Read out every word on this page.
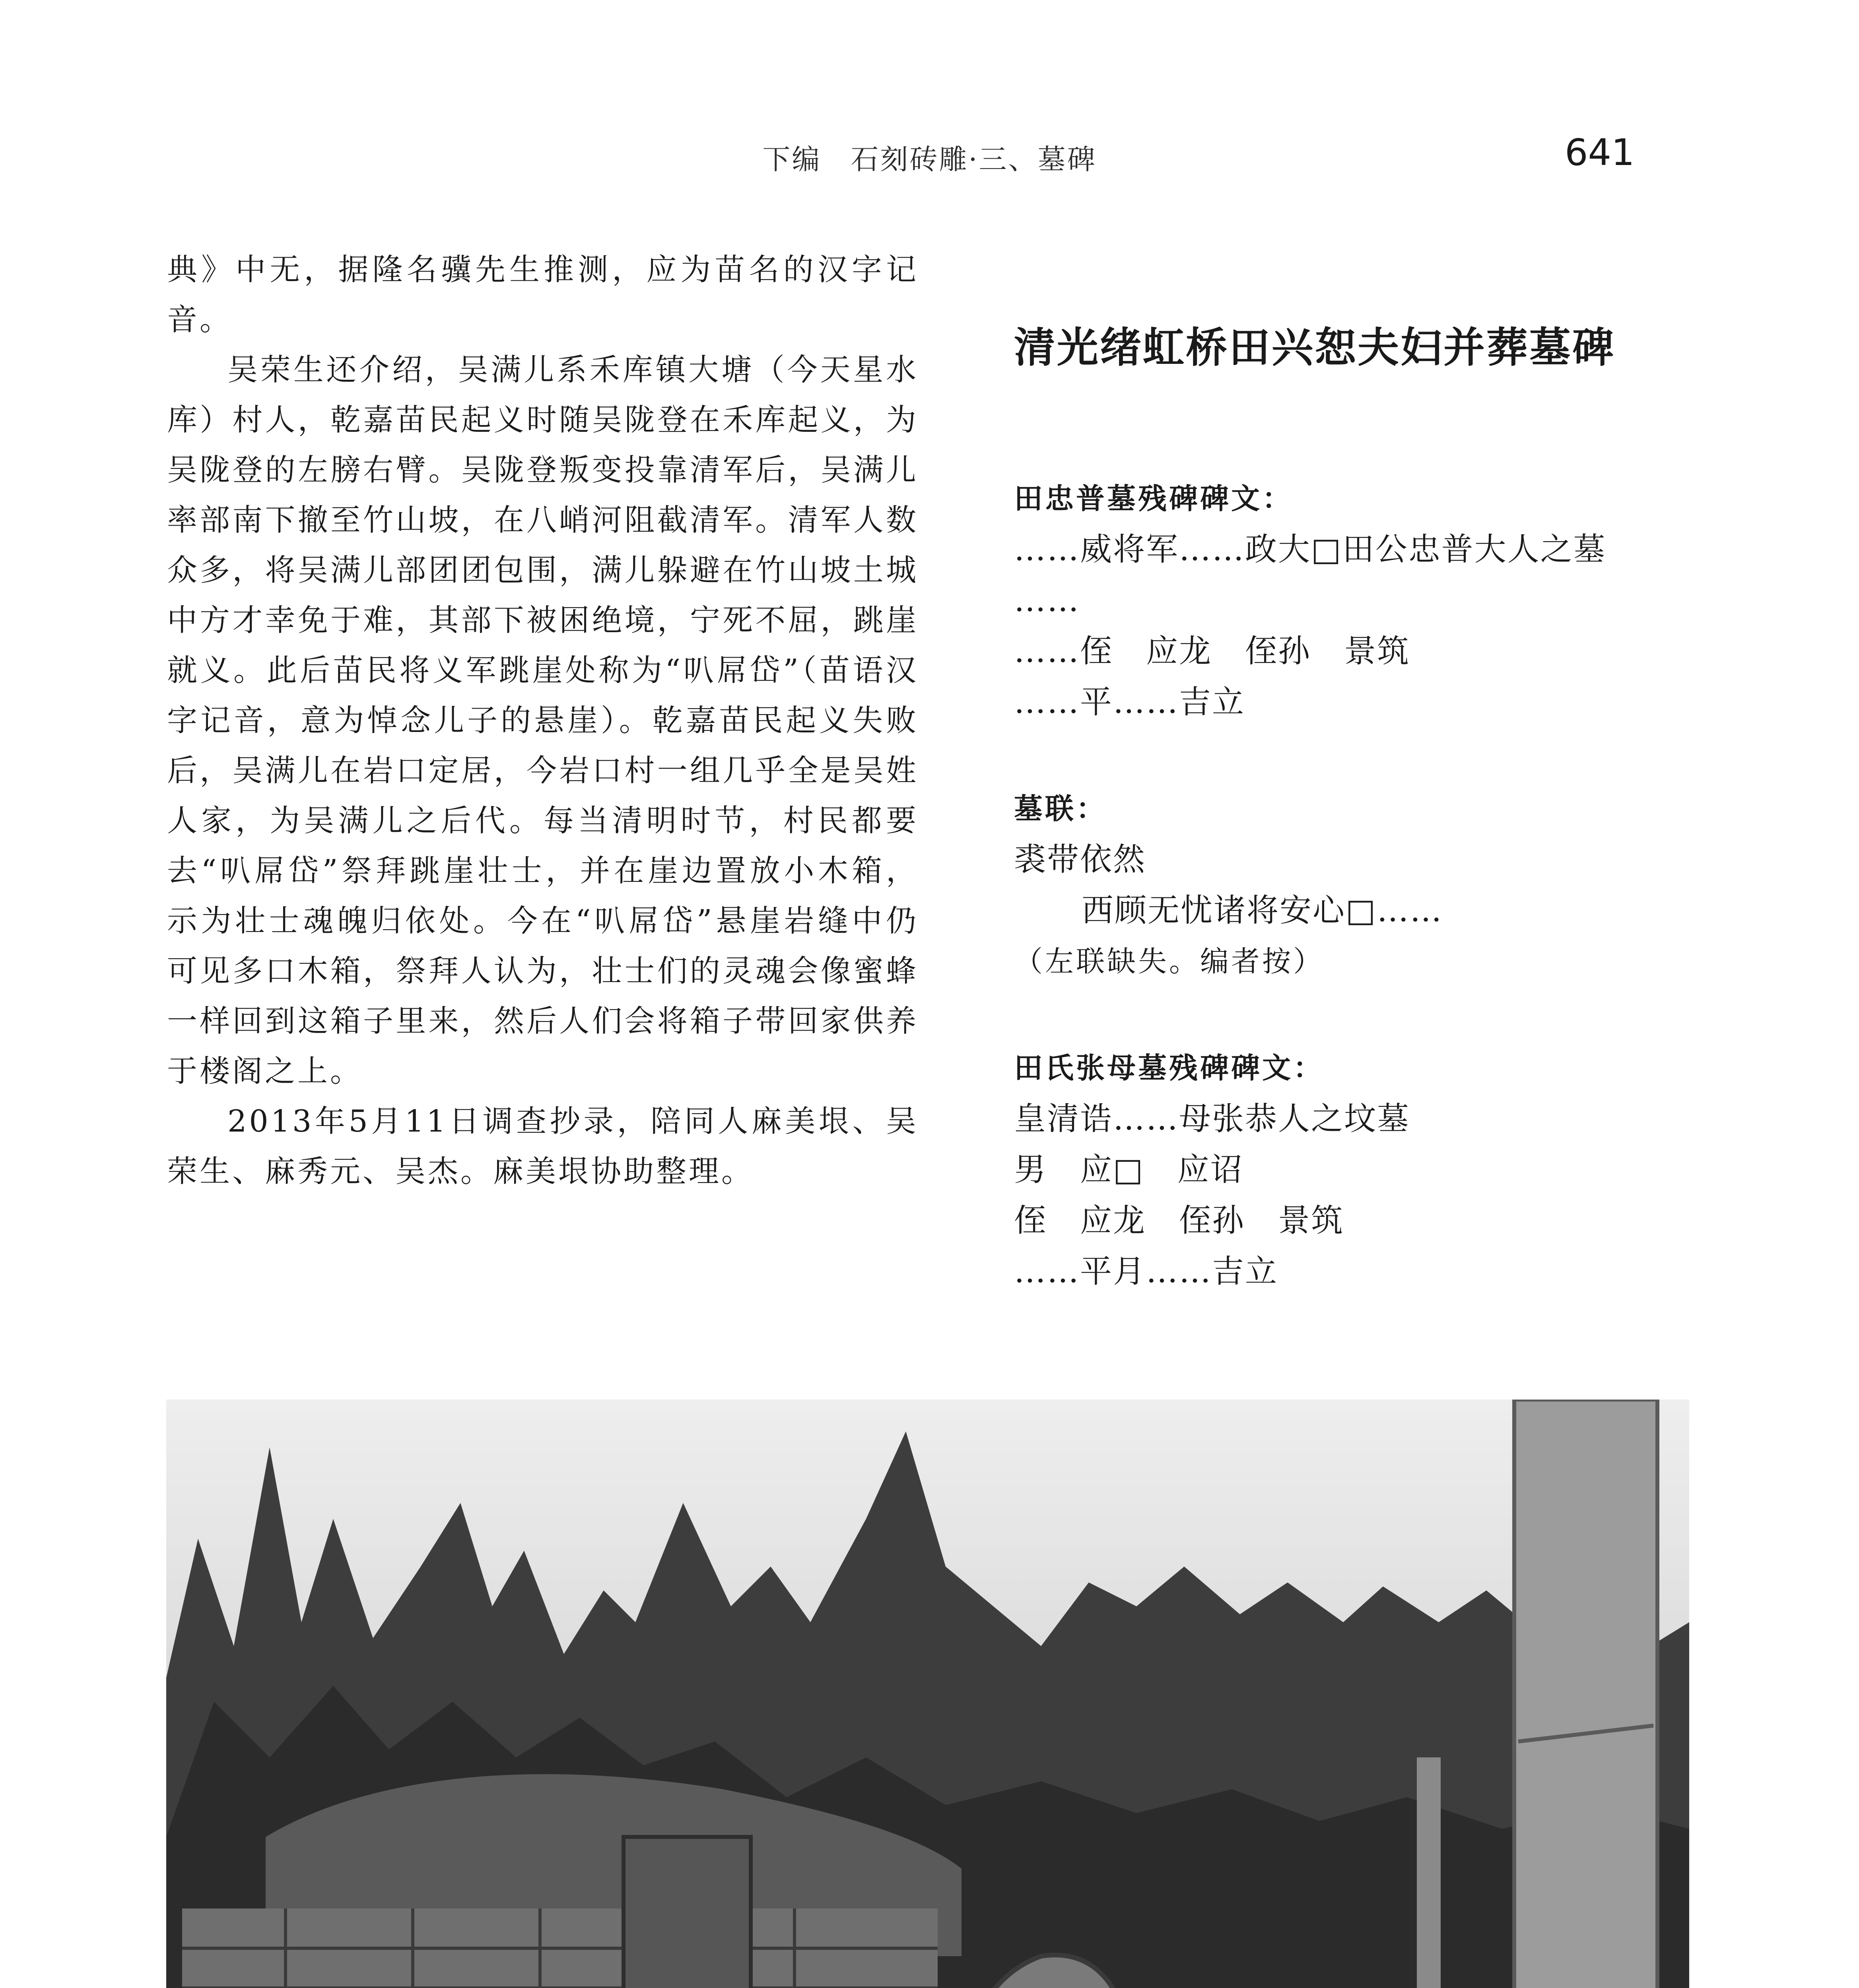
下编　石刻砖雕·三、墓碑	641

典》中无，据隆名骥先生推测，应为苗名的汉字记音。

吴荣生还介绍，吴满儿系禾库镇大塘（今天星水库）村人，乾嘉苗民起义时随吴陇登在禾库起义，为吴陇登的左膀右臂。吴陇登叛变投靠清军后，吴满儿率部南下撤至竹山坡，在八峭河阻截清军。清军人数众多，将吴满儿部团团包围，满儿躲避在竹山坡土城中方才幸免于难，其部下被困绝境，宁死不屈，跳崖就义。此后苗民将义军跳崖处称为“叭屌岱”（苗语汉字记音，意为悼念儿子的悬崖）。乾嘉苗民起义失败后，吴满儿在岩口定居，今岩口村一组几乎全是吴姓人家，为吴满儿之后代。每当清明时节，村民都要去“叭屌岱”祭拜跳崖壮士，并在崖边置放小木箱，示为壮士魂魄归依处。今在“叭屌岱”悬崖岩缝中仍可见多口木箱，祭拜人认为，壮士们的灵魂会像蜜蜂一样回到这箱子里来，然后人们会将箱子带回家供养于楼阁之上。

2013年5月11日调查抄录，陪同人麻美垠、吴荣生、麻秀元、吴杰。麻美垠协助整理。

清光绪虹桥田兴恕夫妇并葬墓碑
田忠普墓残碑碑文：
……威将军……政大□田公忠普大人之墓
……
……侄　应龙　侄孙　景筑
……平……吉立
墓联：
裘带依然
西顾无忧诸将安心□……
（左联缺失。编者按）
田氏张母墓残碑碑文：
皇清诰……母张恭人之坟墓
男　应□　应诏
侄　应龙　侄孙　景筑
……平月……吉立
